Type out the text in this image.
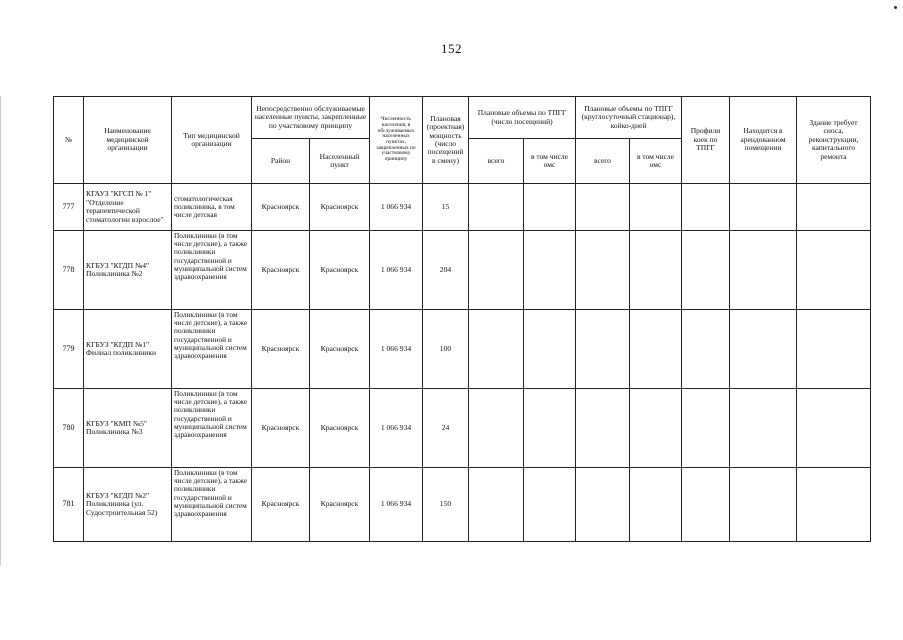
152
№	Наименование медицинской организации	Тип медицинской организации	Непосредственно обслуживаемые населенные пункты, закрепленные по участковому принципу		Численность населения, в обслуживаемых населенных пунктах, закрепленных по участковому принципу	Плановая (проектная) мощность (число посещений в смену)	Плановые объемы по ТПГГ (число посещений)		Плановые объемы по ТПГГ (круглосуточный стационар), койко-дней		Профили коек по ТПГГ	Находится в арендованном помещении	Здание требует сноса, реконструкции, капитального ремонта
			Район	Населенный пункт			всего	в том числе омс	всего	в том числе омс			
777	КГАУЗ "КГСП № 1" "Отделение терапевтической стоматологии взрослое"	стоматологическая поликлиника, в том числе детская	Красноярск	Красноярск	1 066 934	15							
778	КГБУЗ "КГДП №4" Поликлиника №2	Поликлиники (в том числе детские), а также поликлиники государственной и муниципальной систем здравоохранения	Красноярск	Красноярск	1 066 934	204							
779	КГБУЗ "КГДП №1" Филиал поликлиники	Поликлиники (в том числе детские), а также поликлиники государственной и муниципальной систем здравоохранения	Красноярск	Красноярск	1 066 934	100							
780	КГБУЗ "КМП №5" Поликлиника №3	Поликлиники (в том числе детские), а также поликлиники государственной и муниципальной систем здравоохранения	Красноярск	Красноярск	1 066 934	24							
781	КГБУЗ "КГДП №2" Поликлиника (ул. Судостроительная 52)	Поликлиники (в том числе детские), а также поликлиники государственной и муниципальной систем здравоохранения	Красноярск	Красноярск	1 066 934	150							
